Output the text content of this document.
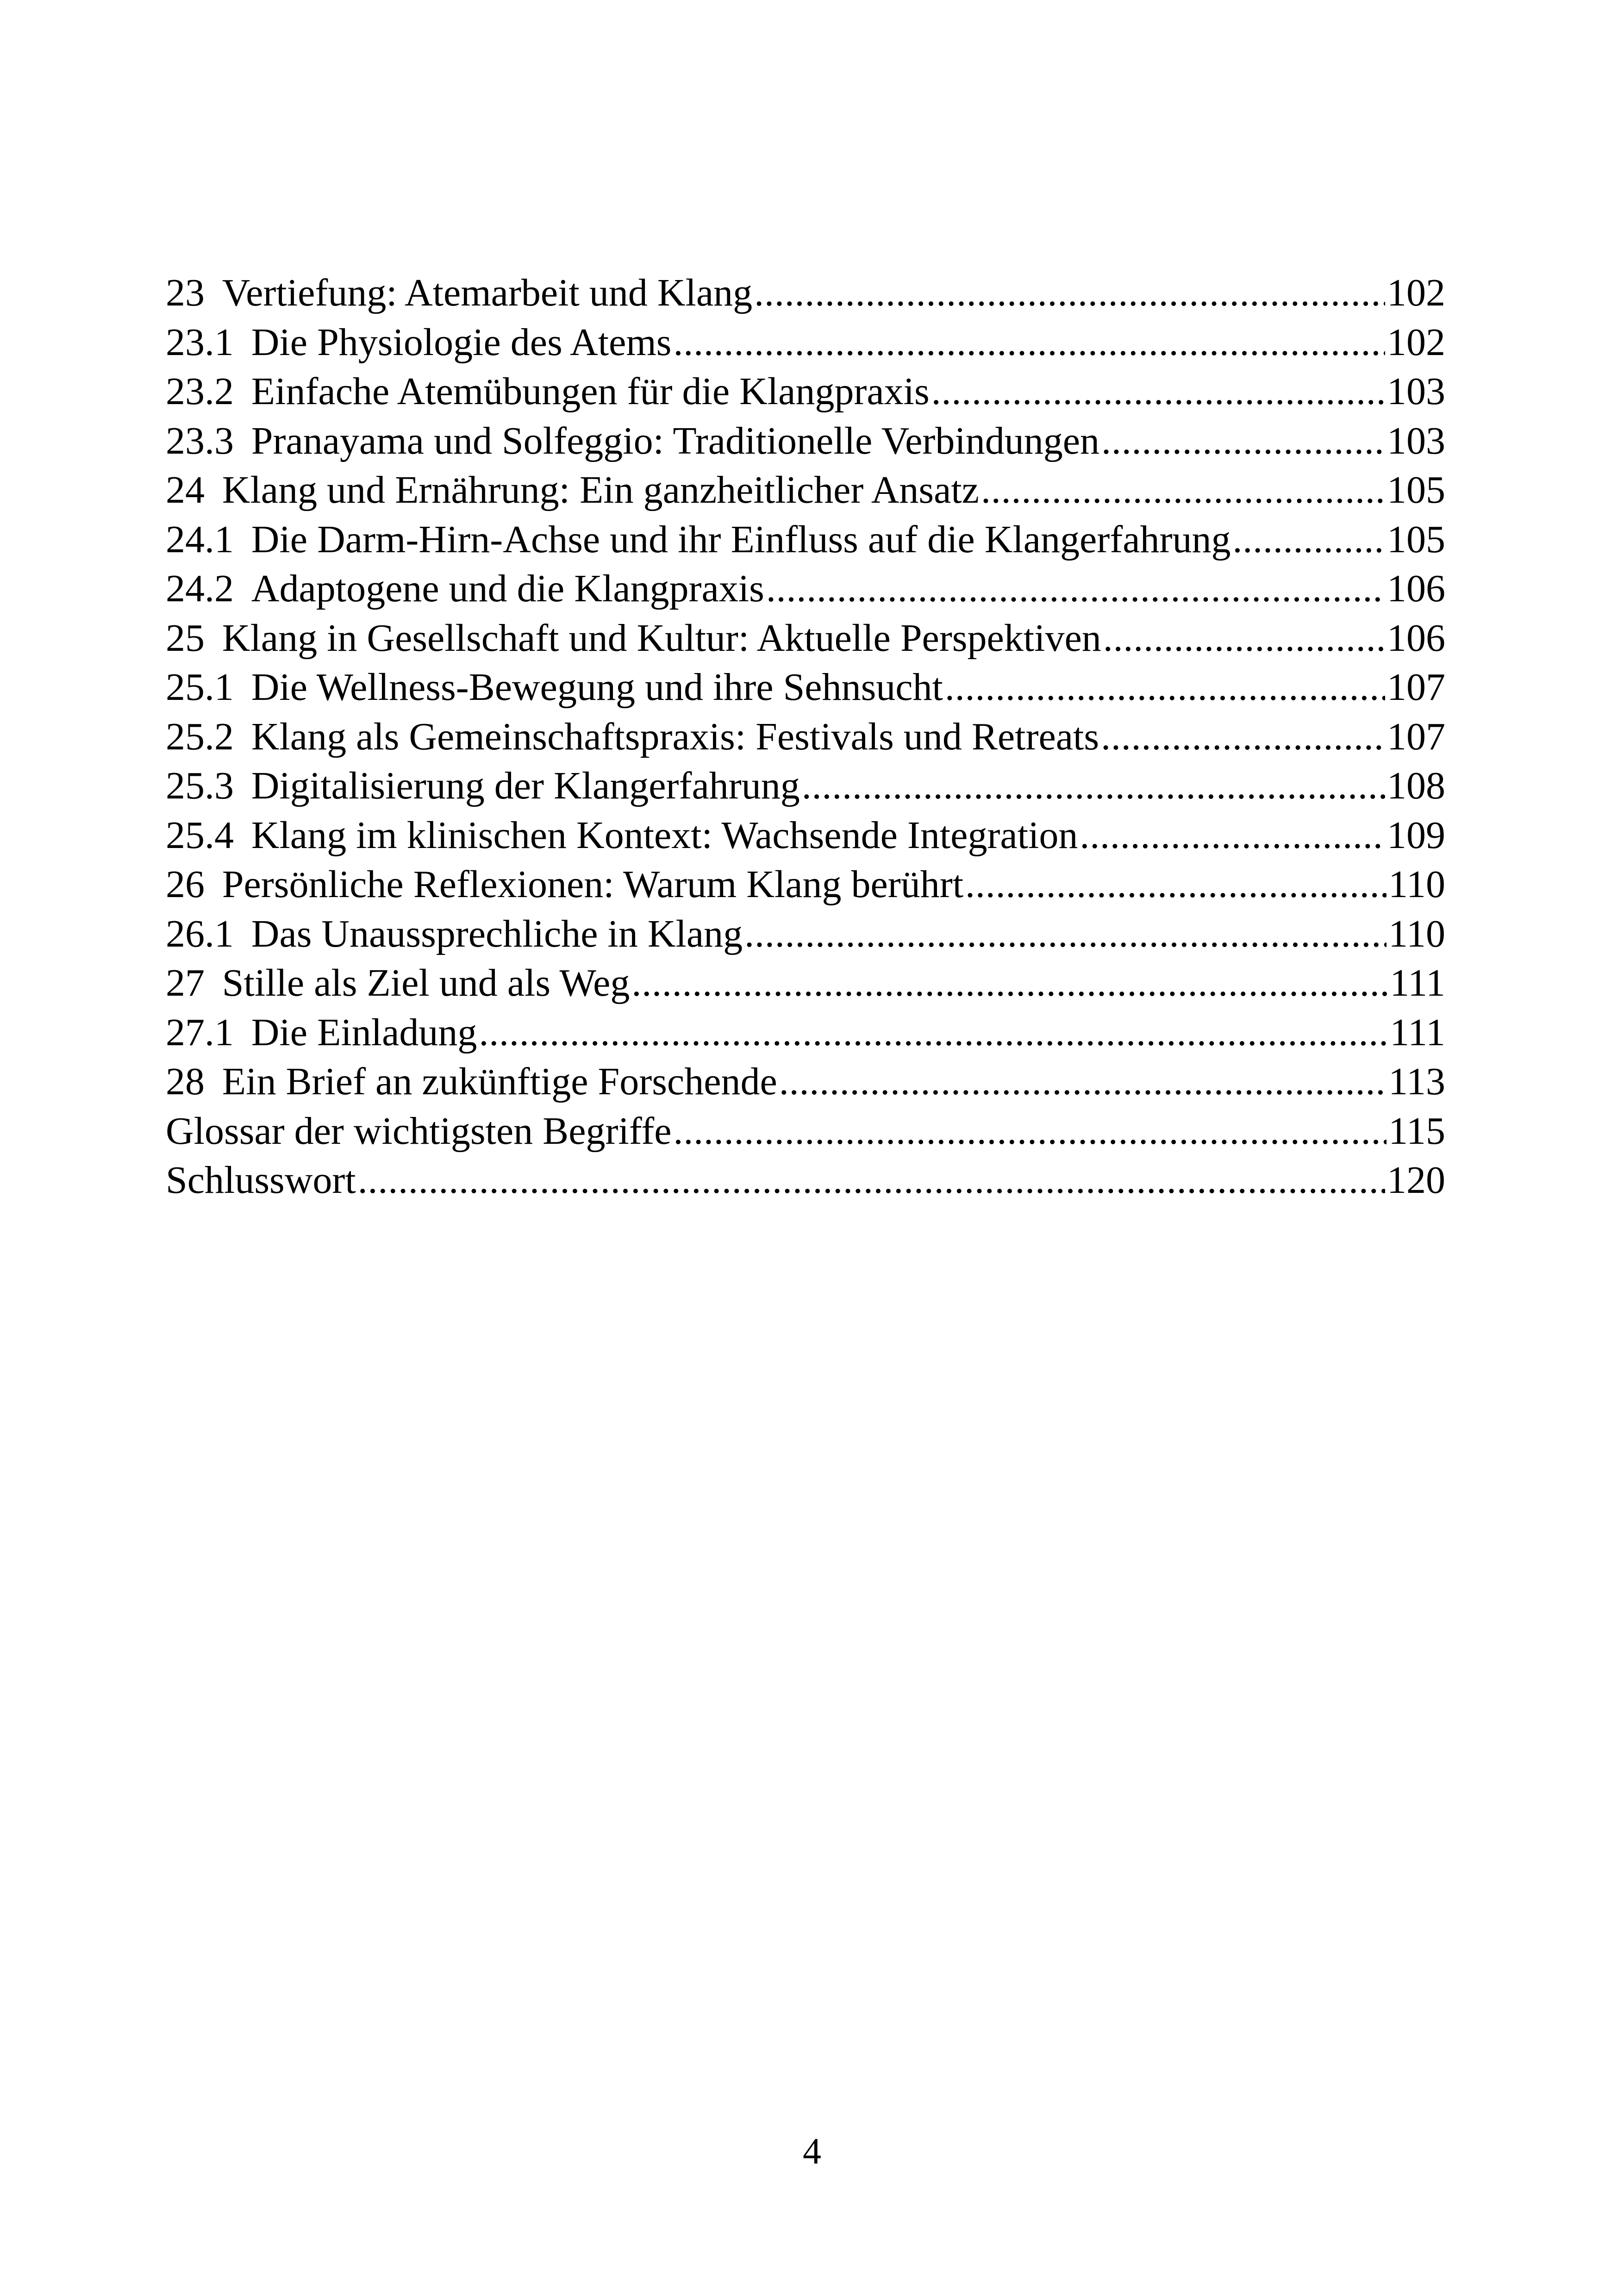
23 Vertiefung: Atemarbeit und Klang .....	102
23.1 Die Physiologie des Atems .....	102
23.2 Einfache Atemübungen für die Klangpraxis .....	103
23.3 Pranayama und Solfeggio: Traditionelle Verbindungen .....	103
24 Klang und Ernährung: Ein ganzheitlicher Ansatz .....	105
24.1 Die Darm-Hirn-Achse und ihr Einfluss auf die Klangerfahrung .....	105
24.2 Adaptogene und die Klangpraxis .....	106
25 Klang in Gesellschaft und Kultur: Aktuelle Perspektiven .....	106
25.1 Die Wellness-Bewegung und ihre Sehnsucht .....	107
25.2 Klang als Gemeinschaftspraxis: Festivals und Retreats .....	107
25.3 Digitalisierung der Klangerfahrung .....	108
25.4 Klang im klinischen Kontext: Wachsende Integration .....	109
26 Persönliche Reflexionen: Warum Klang berührt .....	110
26.1 Das Unaussprechliche in Klang .....	110
27 Stille als Ziel und als Weg .....	111
27.1 Die Einladung .....	111
28 Ein Brief an zukünftige Forschende .....	113
Glossar der wichtigsten Begriffe .....	115
Schlusswort .....	120
4
